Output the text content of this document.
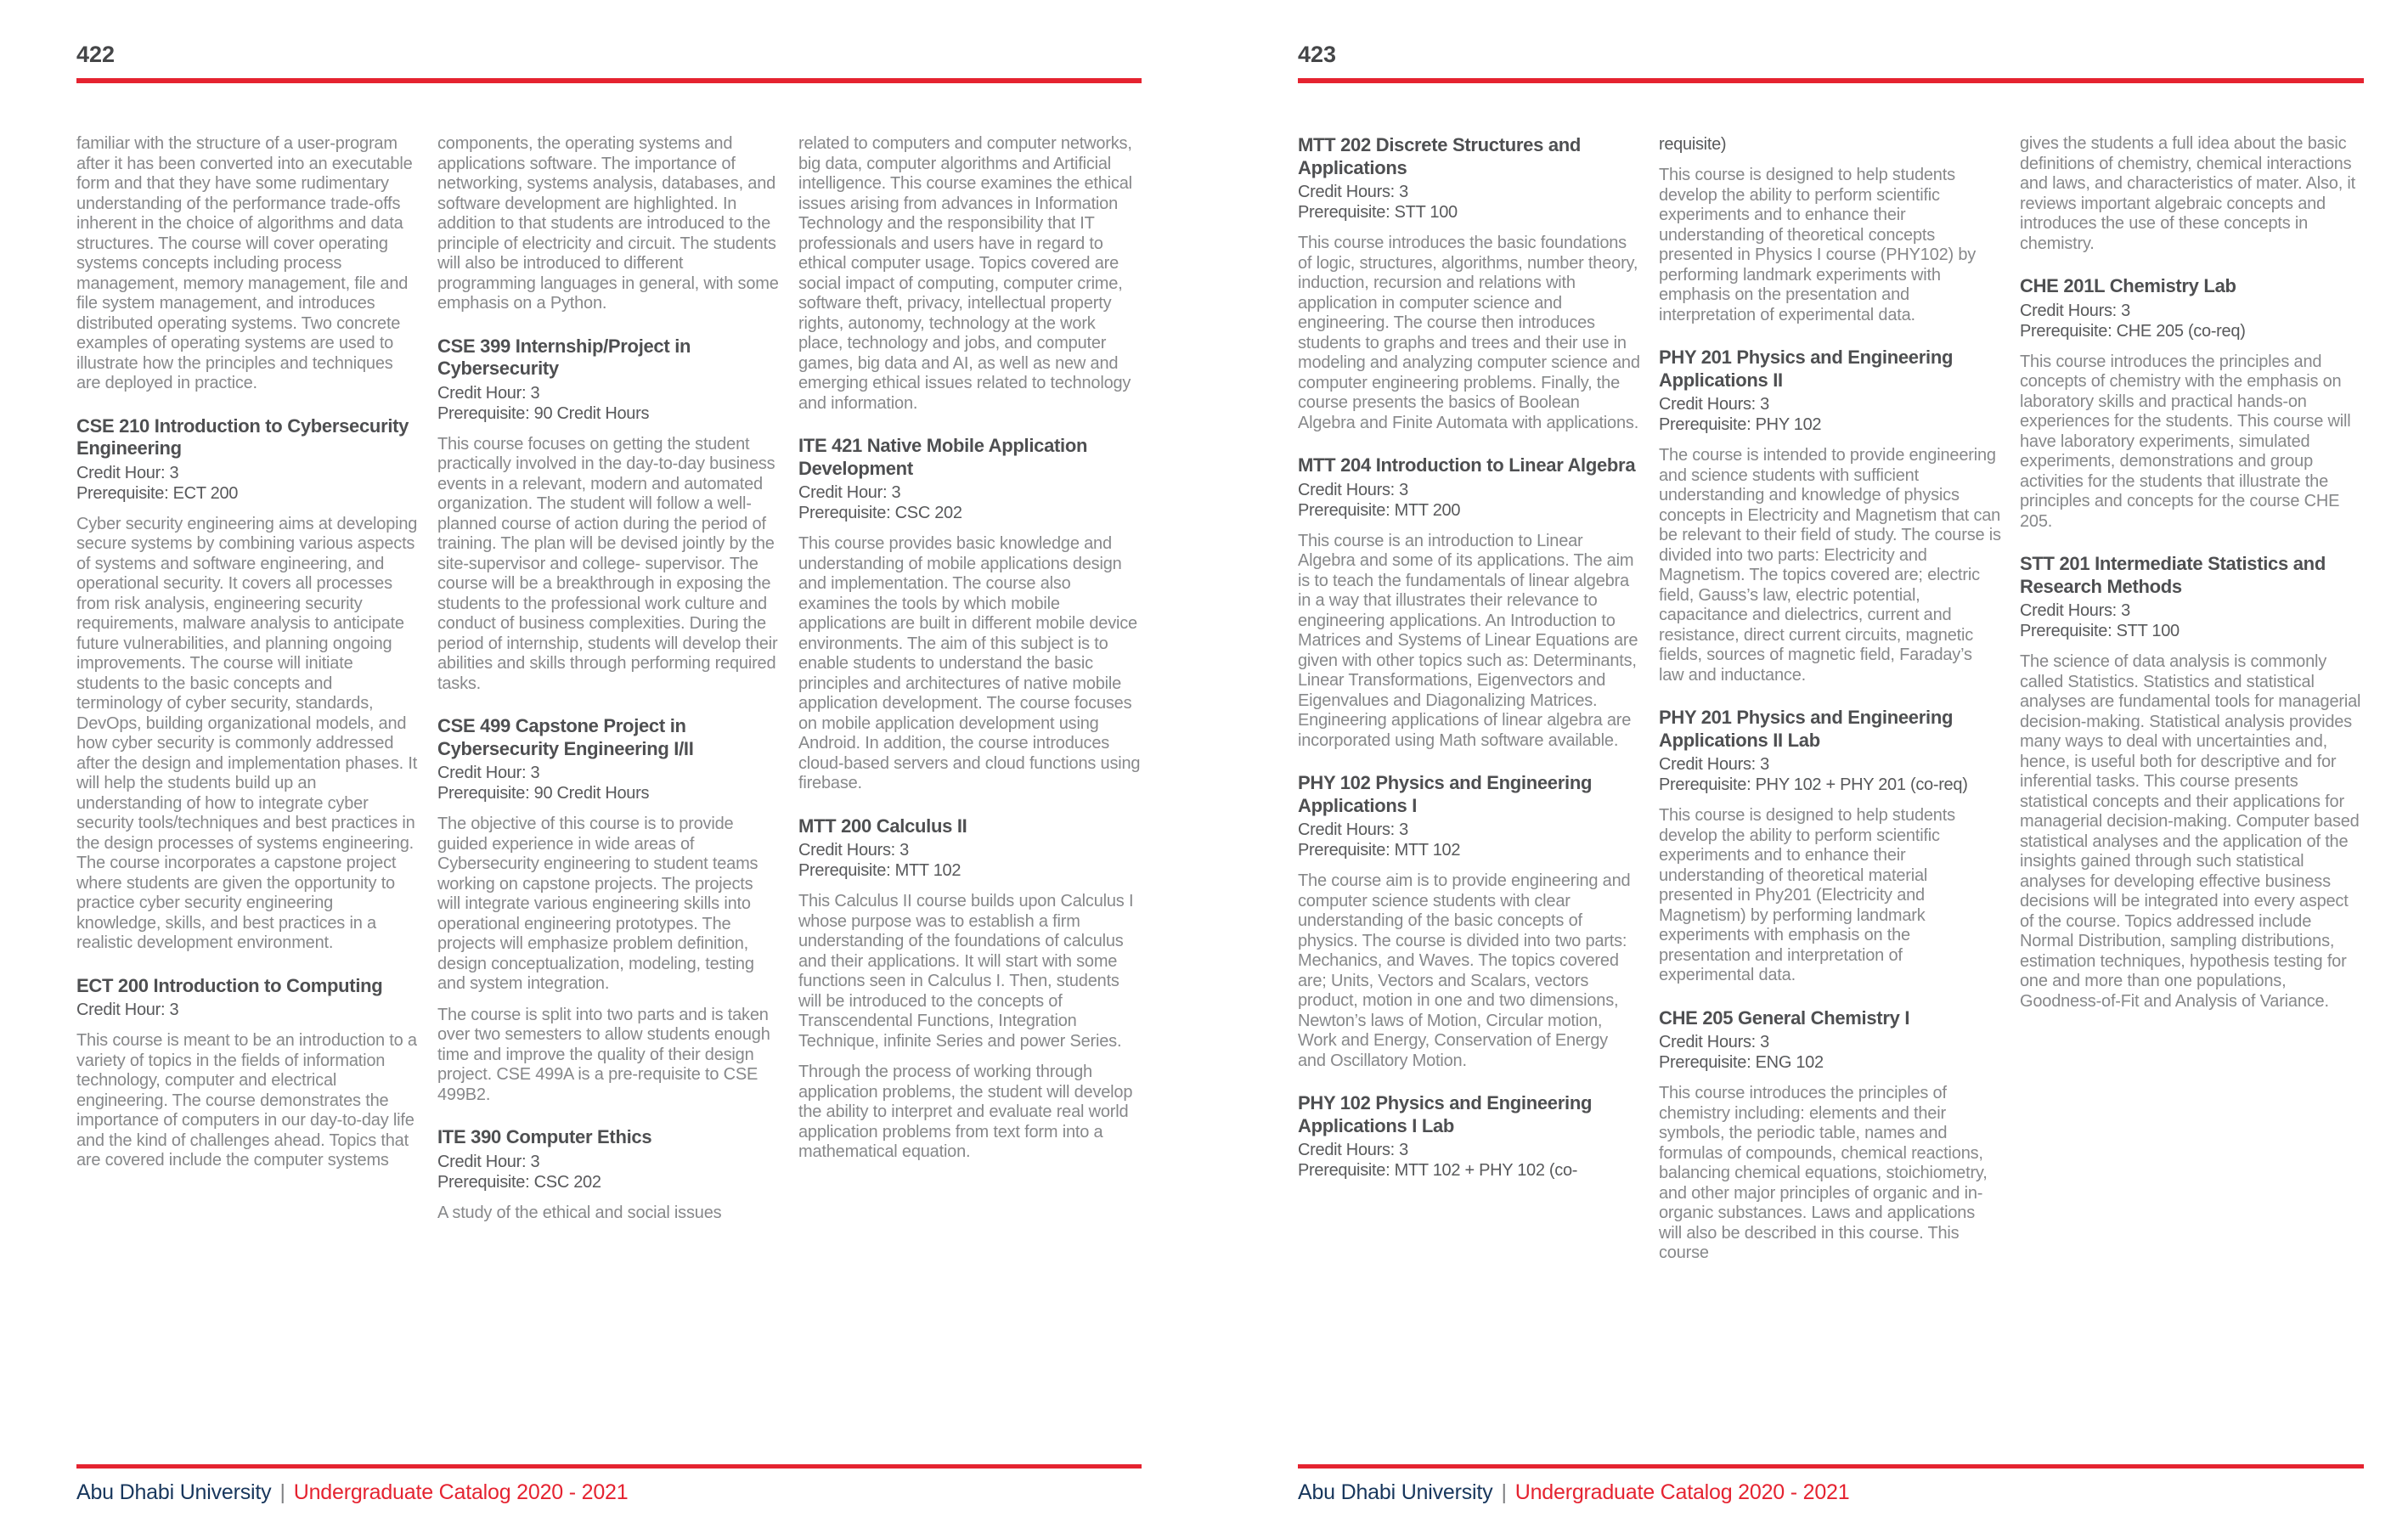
422

familiar with the structure of a user-program after it has been converted into an executable form and that they have some rudimentary understanding of the performance trade-offs inherent in the choice of algorithms and data structures. The course will cover operating systems concepts including process management, memory management, file and file system management, and introduces distributed operating systems. Two concrete examples of operating systems are used to illustrate how the principles and techniques are deployed in practice.

CSE 210 Introduction to Cybersecurity Engineering
Credit Hour: 3
Prerequisite: ECT 200

Cyber security engineering aims at developing secure systems by combining various aspects of systems and software engineering, and operational security. It covers all processes from risk analysis, engineering security requirements, malware analysis to anticipate future vulnerabilities, and planning ongoing improvements. The course will initiate students to the basic concepts and terminology of cyber security, standards, DevOps, building organizational models, and how cyber security is commonly addressed after the design and implementation phases. It will help the students build up an understanding of how to integrate cyber security tools/techniques and best practices in the design processes of systems engineering. The course incorporates a capstone project where students are given the opportunity to practice cyber security engineering knowledge, skills, and best practices in a realistic development environment.

ECT 200 Introduction to Computing
Credit Hour: 3

This course is meant to be an introduction to a variety of topics in the fields of information technology, computer and electrical engineering. The course demonstrates the importance of computers in our day-to-day life and the kind of challenges ahead. Topics that are covered include the computer systems

components, the operating systems and applications software. The importance of networking, systems analysis, databases, and software development are highlighted. In addition to that students are introduced to the principle of electricity and circuit. The students will also be introduced to different programming languages in general, with some emphasis on a Python.

CSE 399 Internship/Project in Cybersecurity
Credit Hour: 3
Prerequisite: 90 Credit Hours

This course focuses on getting the student practically involved in the day-to-day business events in a relevant, modern and automated organization. The student will follow a well-planned course of action during the period of training. The plan will be devised jointly by the site-supervisor and college- supervisor. The course will be a breakthrough in exposing the students to the professional work culture and conduct of business complexities. During the period of internship, students will develop their abilities and skills through performing required tasks.

CSE 499 Capstone Project in Cybersecurity Engineering I/II
Credit Hour: 3
Prerequisite: 90 Credit Hours

The objective of this course is to provide guided experience in wide areas of Cybersecurity engineering to student teams working on capstone projects. The projects will integrate various engineering skills into operational engineering prototypes. The projects will emphasize problem definition, design conceptualization, modeling, testing and system integration.

The course is split into two parts and is taken over two semesters to allow students enough time and improve the quality of their design project. CSE 499A is a pre-requisite to CSE 499B2.

ITE 390 Computer Ethics
Credit Hour: 3
Prerequisite: CSC 202

A study of the ethical and social issues

related to computers and computer networks, big data, computer algorithms and Artificial intelligence. This course examines the ethical issues arising from advances in Information Technology and the responsibility that IT professionals and users have in regard to ethical computer usage. Topics covered are social impact of computing, computer crime, software theft, privacy, intellectual property rights, autonomy, technology at the work place, technology and jobs, and computer games, big data and AI, as well as new and emerging ethical issues related to technology and information.

ITE 421 Native Mobile Application Development
Credit Hour: 3
Prerequisite: CSC 202

This course provides basic knowledge and understanding of mobile applications design and implementation. The course also examines the tools by which mobile applications are built in different mobile device environments. The aim of this subject is to enable students to understand the basic principles and architectures of native mobile application development. The course focuses on mobile application development using Android. In addition, the course introduces cloud-based servers and cloud functions using firebase.

MTT 200 Calculus II
Credit Hours: 3
Prerequisite: MTT 102

This Calculus II course builds upon Calculus I whose purpose was to establish a firm understanding of the foundations of calculus and their applications. It will start with some functions seen in Calculus I. Then, students will be introduced to the concepts of Transcendental Functions, Integration Technique, infinite Series and power Series.

Through the process of working through application problems, the student will develop the ability to interpret and evaluate real world application problems from text form into a mathematical equation.

Abu Dhabi University | Undergraduate Catalog 2020 - 2021
423
MTT 202 Discrete Structures and Applications
Credit Hours: 3
Prerequisite: STT 100

This course introduces the basic foundations of logic, structures, algorithms, number theory, induction, recursion and relations with application in computer science and engineering. The course then introduces students to graphs and trees and their use in modeling and analyzing computer science and computer engineering problems. Finally, the course presents the basics of Boolean Algebra and Finite Automata with applications.

MTT 204 Introduction to Linear Algebra
Credit Hours: 3
Prerequisite: MTT 200

This course is an introduction to Linear Algebra and some of its applications. The aim is to teach the fundamentals of linear algebra in a way that illustrates their relevance to engineering applications. An Introduction to Matrices and Systems of Linear Equations are given with other topics such as: Determinants, Linear Transformations, Eigenvectors and Eigenvalues and Diagonalizing Matrices. Engineering applications of linear algebra are incorporated using Math software available.

PHY 102 Physics and Engineering Applications I
Credit Hours: 3
Prerequisite: MTT 102

The course aim is to provide engineering and computer science students with clear understanding of the basic concepts of physics. The course is divided into two parts: Mechanics, and Waves. The topics covered are; Units, Vectors and Scalars, vectors product, motion in one and two dimensions, Newton’s laws of Motion, Circular motion, Work and Energy, Conservation of Energy and Oscillatory Motion.

PHY 102 Physics and Engineering Applications I Lab
Credit Hours: 3
Prerequisite: MTT 102 + PHY 102 (co-
requisite)

This course is designed to help students develop the ability to perform scientific experiments and to enhance their understanding of theoretical concepts presented in Physics I course (PHY102) by performing landmark experiments with emphasis on the presentation and interpretation of experimental data.

PHY 201 Physics and Engineering Applications II
Credit Hours: 3
Prerequisite: PHY 102

The course is intended to provide engineering and science students with sufficient understanding and knowledge of physics concepts in Electricity and Magnetism that can be relevant to their field of study. The course is divided into two parts: Electricity and Magnetism. The topics covered are; electric field, Gauss’s law, electric potential, capacitance and dielectrics, current and resistance, direct current circuits, magnetic fields, sources of magnetic field, Faraday’s law and inductance.

PHY 201 Physics and Engineering Applications II Lab
Credit Hours: 3
Prerequisite: PHY 102 + PHY 201 (co-req)

This course is designed to help students develop the ability to perform scientific experiments and to enhance their understanding of theoretical material presented in Phy201 (Electricity and Magnetism) by performing landmark experiments with emphasis on the presentation and interpretation of experimental data.

CHE 205 General Chemistry I
Credit Hours: 3
Prerequisite: ENG 102

This course introduces the principles of chemistry including: elements and their symbols, the periodic table, names and formulas of compounds, chemical reactions, balancing chemical equations, stoichiometry, and other major principles of organic and in-organic substances. Laws and applications will also be described in this course. This course

gives the students a full idea about the basic definitions of chemistry, chemical interactions and laws, and characteristics of mater. Also, it reviews important algebraic concepts and introduces the use of these concepts in chemistry.

CHE 201L Chemistry Lab
Credit Hours: 3
Prerequisite: CHE 205 (co-req)

This course introduces the principles and concepts of chemistry with the emphasis on laboratory skills and practical hands-on experiences for the students. This course will have laboratory experiments, simulated experiments, demonstrations and group activities for the students that illustrate the principles and concepts for the course CHE 205.

STT 201 Intermediate Statistics and Research Methods
Credit Hours: 3
Prerequisite: STT 100

The science of data analysis is commonly called Statistics. Statistics and statistical analyses are fundamental tools for managerial decision-making. Statistical analysis provides many ways to deal with uncertainties and, hence, is useful both for descriptive and for inferential tasks. This course presents statistical concepts and their applications for managerial decision-making. Computer based statistical analyses and the application of the insights gained through such statistical analyses for developing effective business decisions will be integrated into every aspect of the course. Topics addressed include Normal Distribution, sampling distributions, estimation techniques, hypothesis testing for one and more than one populations, Goodness-of-Fit and Analysis of Variance.

Abu Dhabi University | Undergraduate Catalog 2020 - 2021
